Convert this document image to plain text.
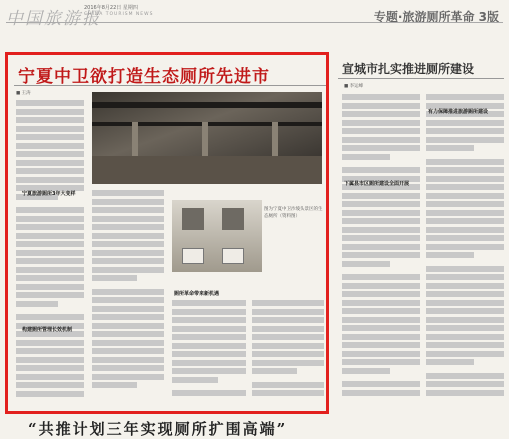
中国旅游报
2016年8月22日 星期四
CHINA TOURISM NEWS	专题·旅游厕所革命 3版
宁夏中卫欲打造生态厕所先进市
■ 王涛
宁夏旅游厕所3年大变样
构建厕所管理长效机制
厕所革命带来新机遇
图为宁夏中卫沙坡头景区的生态厕所（资料图）
宣城市扎实推进厕所建设
■ 李运峰
下属县市区厕所建设全面开展
有力保障推进旅游厕所建设
“共推计划三年实现厕所扩围高端”
